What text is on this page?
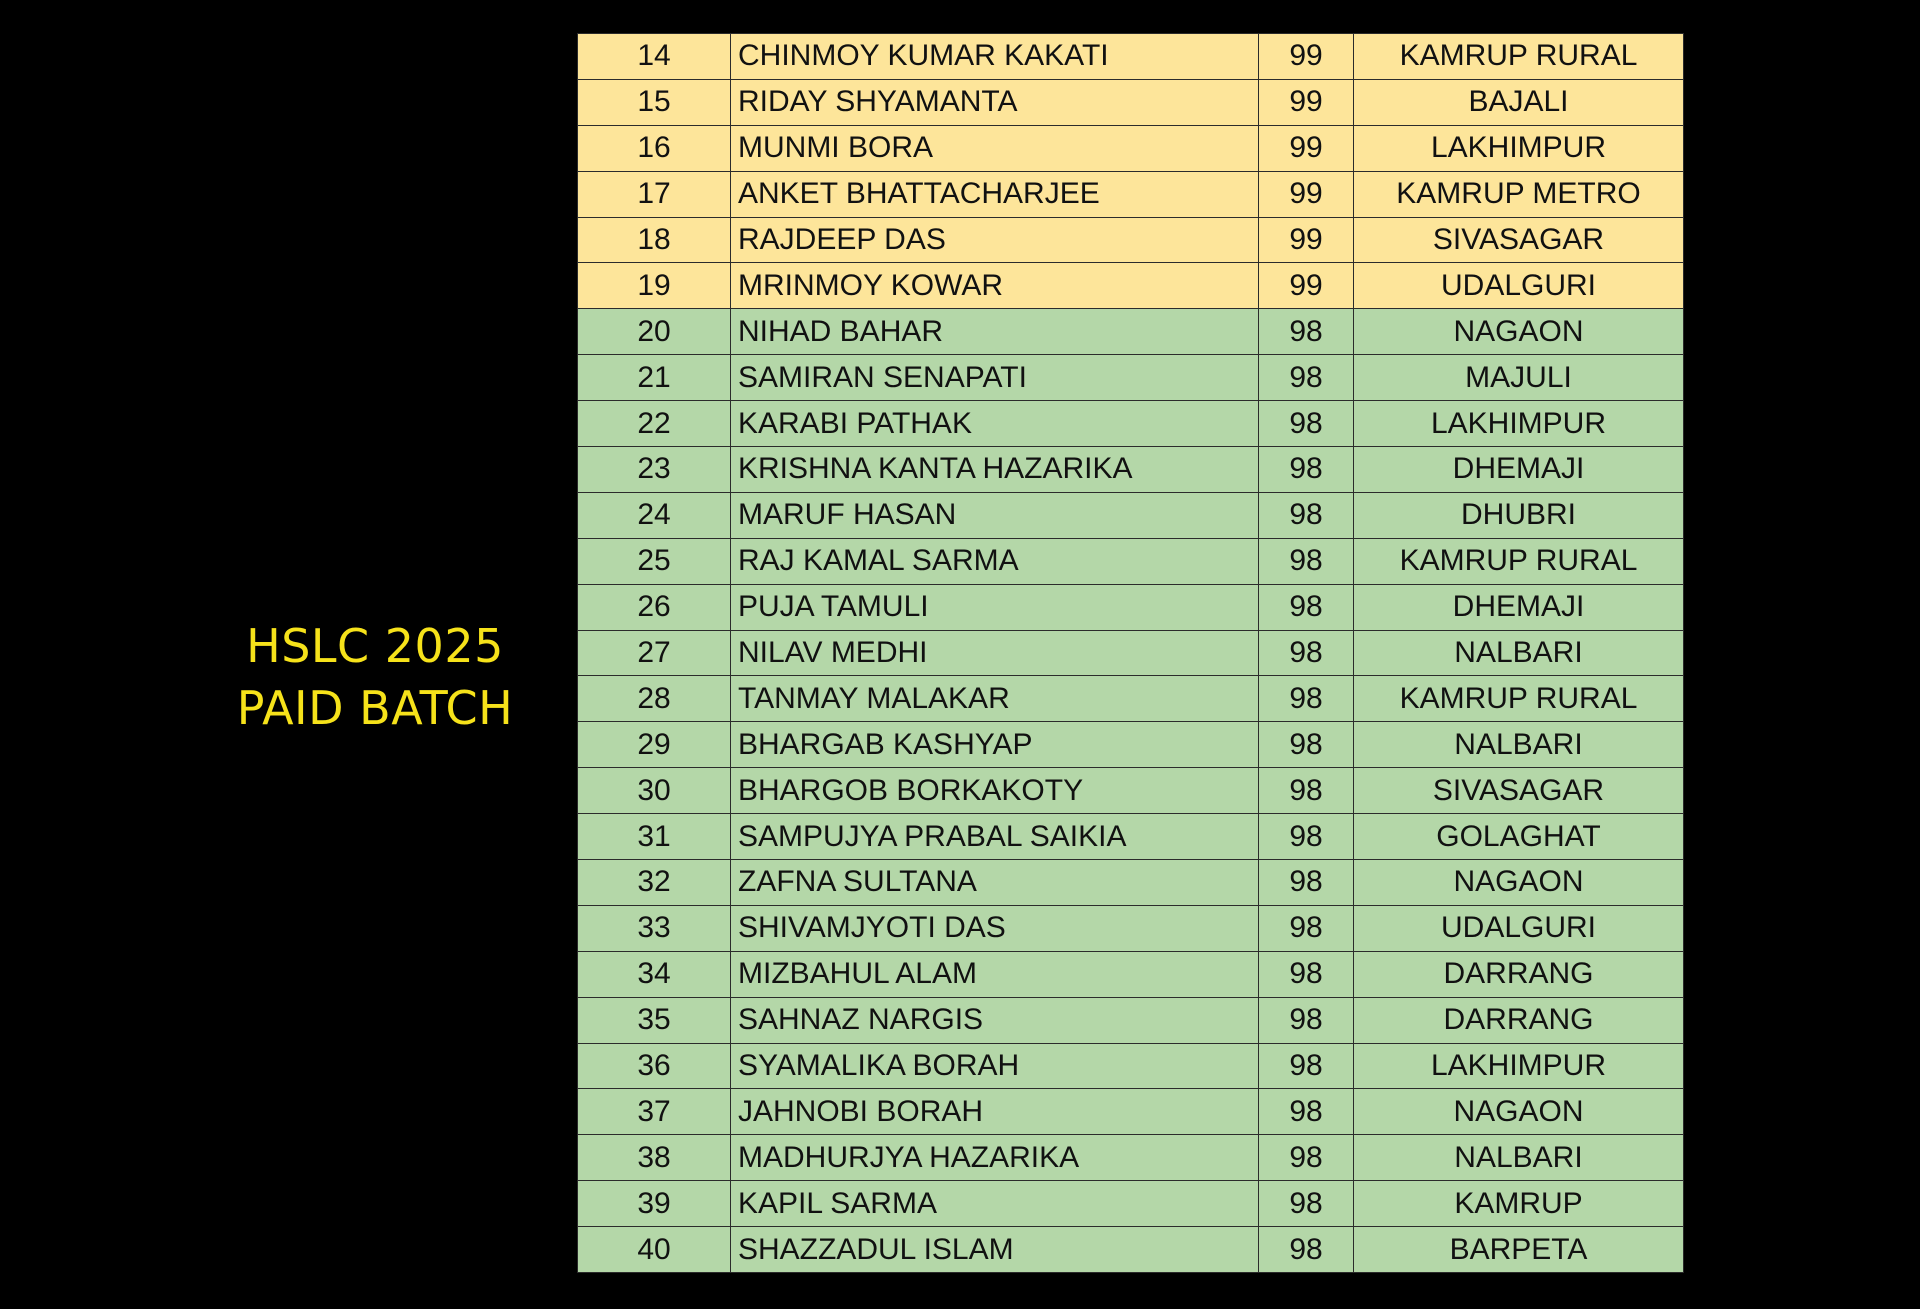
HSLC 2025
PAID BATCH
14	CHINMOY KUMAR KAKATI	99	KAMRUP RURAL
15	RIDAY SHYAMANTA	99	BAJALI
16	MUNMI BORA	99	LAKHIMPUR
17	ANKET BHATTACHARJEE	99	KAMRUP METRO
18	RAJDEEP DAS	99	SIVASAGAR
19	MRINMOY KOWAR	99	UDALGURI
20	NIHAD BAHAR	98	NAGAON
21	SAMIRAN SENAPATI	98	MAJULI
22	KARABI PATHAK	98	LAKHIMPUR
23	KRISHNA KANTA HAZARIKA	98	DHEMAJI
24	MARUF HASAN	98	DHUBRI
25	RAJ KAMAL SARMA	98	KAMRUP RURAL
26	PUJA TAMULI	98	DHEMAJI
27	NILAV MEDHI	98	NALBARI
28	TANMAY MALAKAR	98	KAMRUP RURAL
29	BHARGAB KASHYAP	98	NALBARI
30	BHARGOB BORKAKOTY	98	SIVASAGAR
31	SAMPUJYA PRABAL SAIKIA	98	GOLAGHAT
32	ZAFNA SULTANA	98	NAGAON
33	SHIVAMJYOTI DAS	98	UDALGURI
34	MIZBAHUL ALAM	98	DARRANG
35	SAHNAZ NARGIS	98	DARRANG
36	SYAMALIKA BORAH	98	LAKHIMPUR
37	JAHNOBI BORAH	98	NAGAON
38	MADHURJYA HAZARIKA	98	NALBARI
39	KAPIL SARMA	98	KAMRUP
40	SHAZZADUL ISLAM	98	BARPETA
